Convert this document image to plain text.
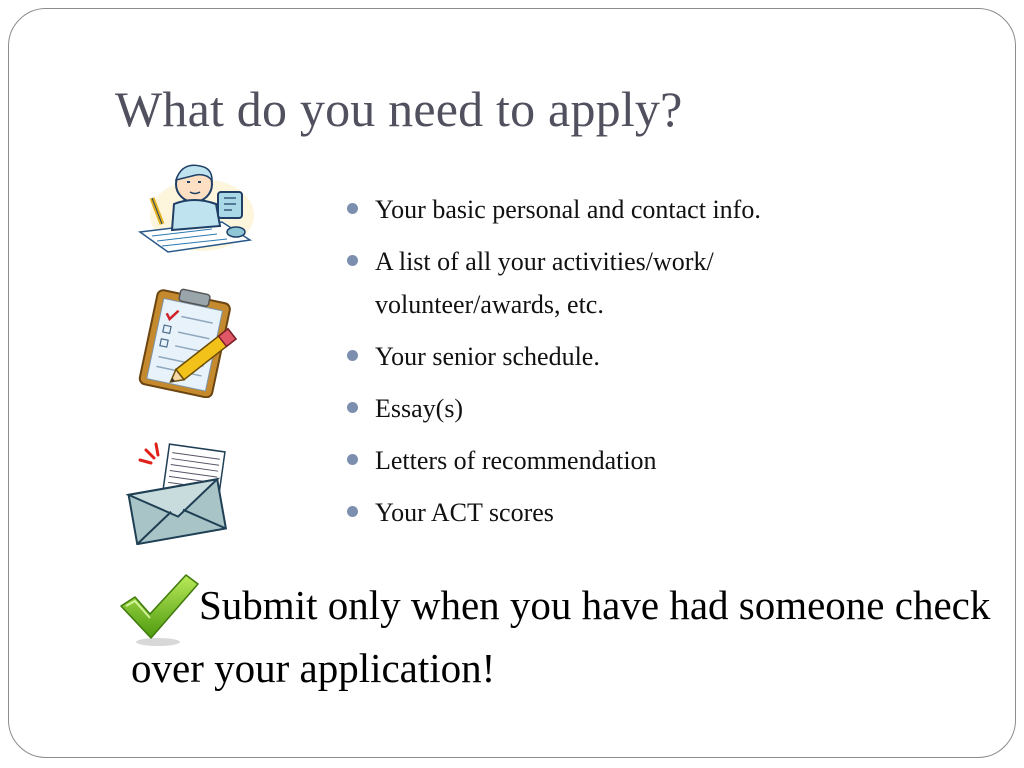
What do you need to apply?
Your basic personal and contact info.
A list of all your activities/work/ volunteer/awards, etc.
Your senior schedule.
Essay(s)
Letters of recommendation
Your ACT scores

Submit only when you have had someone check over your application!
